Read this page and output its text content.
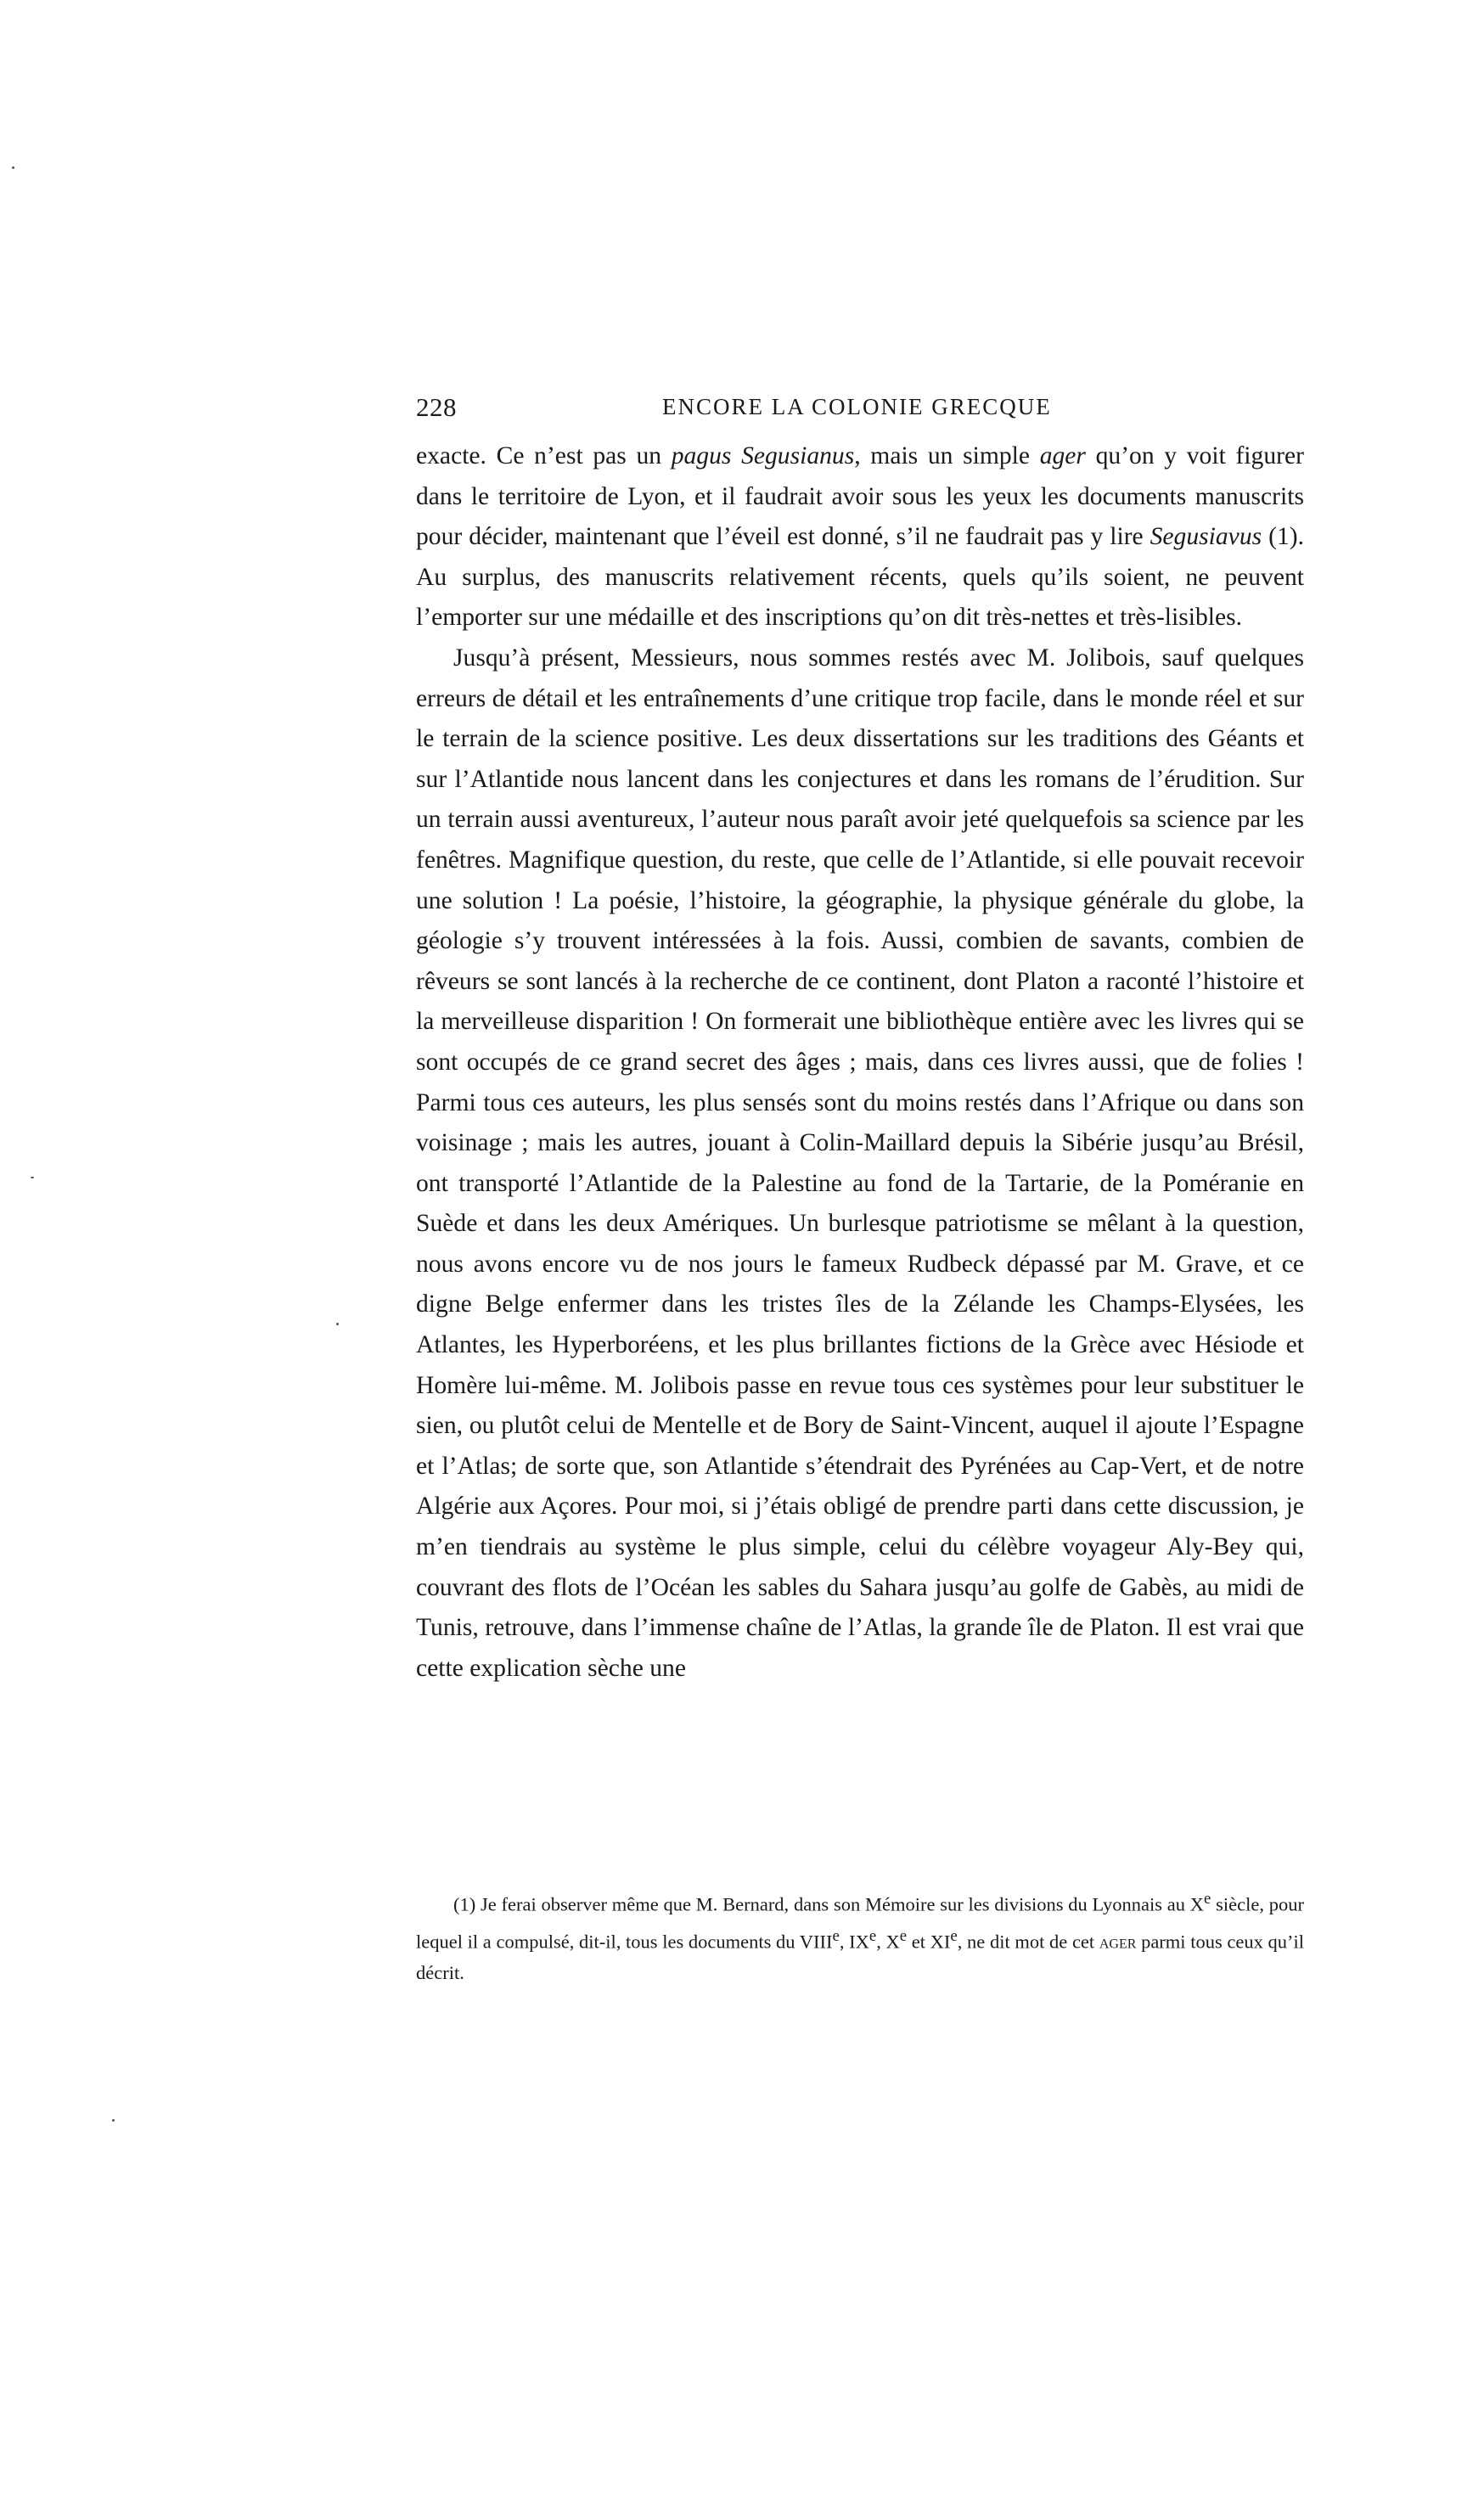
228	ENCORE LA COLONIE GRECQUE

exacte. Ce n’est pas un pagus Segusianus, mais un simple ager qu’on y voit figurer dans le territoire de Lyon, et il faudrait avoir sous les yeux les documents manuscrits pour décider, maintenant que l’éveil est donné, s’il ne faudrait pas y lire Segusiavus (1). Au surplus, des manuscrits relativement récents, quels qu’ils soient, ne peuvent l’emporter sur une médaille et des inscriptions qu’on dit très-nettes et très-lisibles.

Jusqu’à présent, Messieurs, nous sommes restés avec M. Jolibois, sauf quelques erreurs de détail et les entraînements d’une critique trop facile, dans le monde réel et sur le terrain de la science positive. Les deux dissertations sur les traditions des Géants et sur l’Atlantide nous lancent dans les conjectures et dans les romans de l’érudition. Sur un terrain aussi aventureux, l’auteur nous paraît avoir jeté quelquefois sa science par les fenêtres. Magnifique question, du reste, que celle de l’Atlantide, si elle pouvait recevoir une solution ! La poésie, l’histoire, la géographie, la physique générale du globe, la géologie s’y trouvent intéressées à la fois. Aussi, combien de savants, combien de rêveurs se sont lancés à la recherche de ce continent, dont Platon a raconté l’histoire et la merveilleuse disparition ! On formerait une bibliothèque entière avec les livres qui se sont occupés de ce grand secret des âges ; mais, dans ces livres aussi, que de folies ! Parmi tous ces auteurs, les plus sensés sont du moins restés dans l’Afrique ou dans son voisinage ; mais les autres, jouant à Colin-Maillard depuis la Sibérie jusqu’au Brésil, ont transporté l’Atlantide de la Palestine au fond de la Tartarie, de la Poméranie en Suède et dans les deux Amériques. Un burlesque patriotisme se mêlant à la question, nous avons encore vu de nos jours le fameux Rudbeck dépassé par M. Grave, et ce digne Belge enfermer dans les tristes îles de la Zélande les Champs-Elysées, les Atlantes, les Hyperboréens, et les plus brillantes fictions de la Grèce avec Hésiode et Homère lui-même. M. Jolibois passe en revue tous ces systèmes pour leur substituer le sien, ou plutôt celui de Mentelle et de Bory de Saint-Vincent, auquel il ajoute l’Espagne et l’Atlas; de sorte que, son Atlantide s’étendrait des Pyrénées au Cap-Vert, et de notre Algérie aux Açores. Pour moi, si j’étais obligé de prendre parti dans cette discussion, je m’en tiendrais au système le plus simple, celui du célèbre voyageur Aly-Bey qui, couvrant des flots de l’Océan les sables du Sahara jusqu’au golfe de Gabès, au midi de Tunis, retrouve, dans l’immense chaîne de l’Atlas, la grande île de Platon. Il est vrai que cette explication sèche une

(1) Je ferai observer même que M. Bernard, dans son Mémoire sur les divisions du Lyonnais au Xe siècle, pour lequel il a compulsé, dit-il, tous les documents du VIIIe, IXe, Xe et XIe, ne dit mot de cet ager parmi tous ceux qu’il décrit.
